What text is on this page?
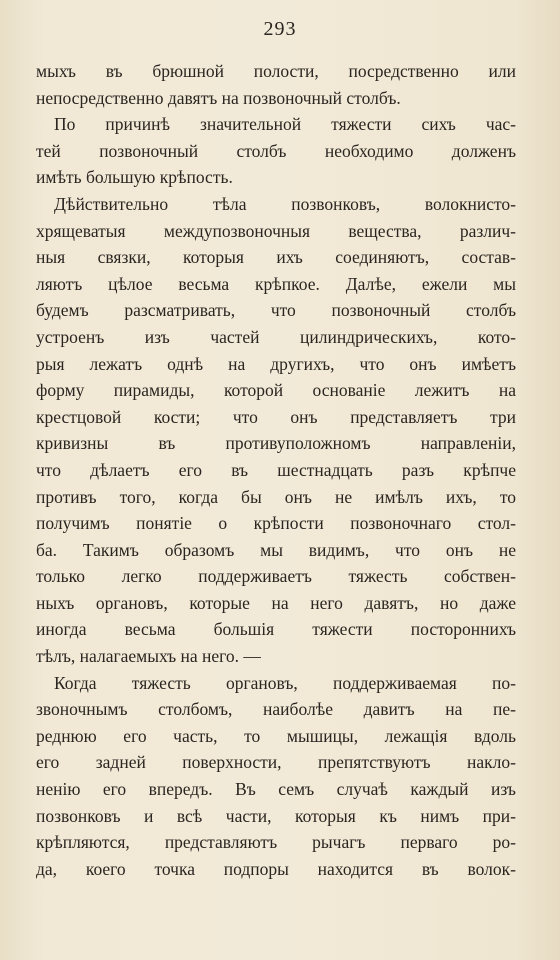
293
мыхъ въ брюшной полости, посредственно или
непосредственно давятъ на позвоночный столбъ.
По причинѣ значительной тяжести сихъ час-
тей позвоночный столбъ необходимо долженъ
имѣть большую крѣпость.
Дѣйствительно тѣла позвонковъ, волокнисто-
хрящеватыя междупозвоночныя вещества, различ-
ныя связки, которыя ихъ соединяютъ, состав-
ляютъ цѣлое весьма крѣпкое. Далѣе, ежели мы
будемъ разсматривать, что позвоночный столбъ
устроенъ изъ частей цилиндрическихъ, кото-
рыя лежатъ однѣ на другихъ, что онъ имѣетъ
форму пирамиды, которой основанiе лежитъ на
крестцовой кости; что онъ представляетъ три
кривизны въ противуположномъ направленiи,
что дѣлаетъ его въ шестнадцать разъ крѣпче
противъ того, когда бы онъ не имѣлъ ихъ, то
получимъ понятiе о крѣпости позвоночнаго стол-
ба. Такимъ образомъ мы видимъ, что онъ не
только легко поддерживаетъ тяжесть собствен-
ныхъ органовъ, которые на него давятъ, но даже
иногда весьма большiя тяжести постороннихъ
тѣлъ, налагаемыхъ на него. —
Когда тяжесть органовъ, поддерживаемая по-
звоночнымъ столбомъ, наиболѣе давитъ на пе-
реднюю его часть, то мышицы, лежащiя вдоль
его задней поверхности, препятствуютъ накло-
ненiю его впередъ. Въ семъ случаѣ каждый изъ
позвонковъ и всѣ части, которыя къ нимъ при-
крѣпляются, представляютъ рычагъ перваго ро-
да, коего точка подпоры находится въ волок-
